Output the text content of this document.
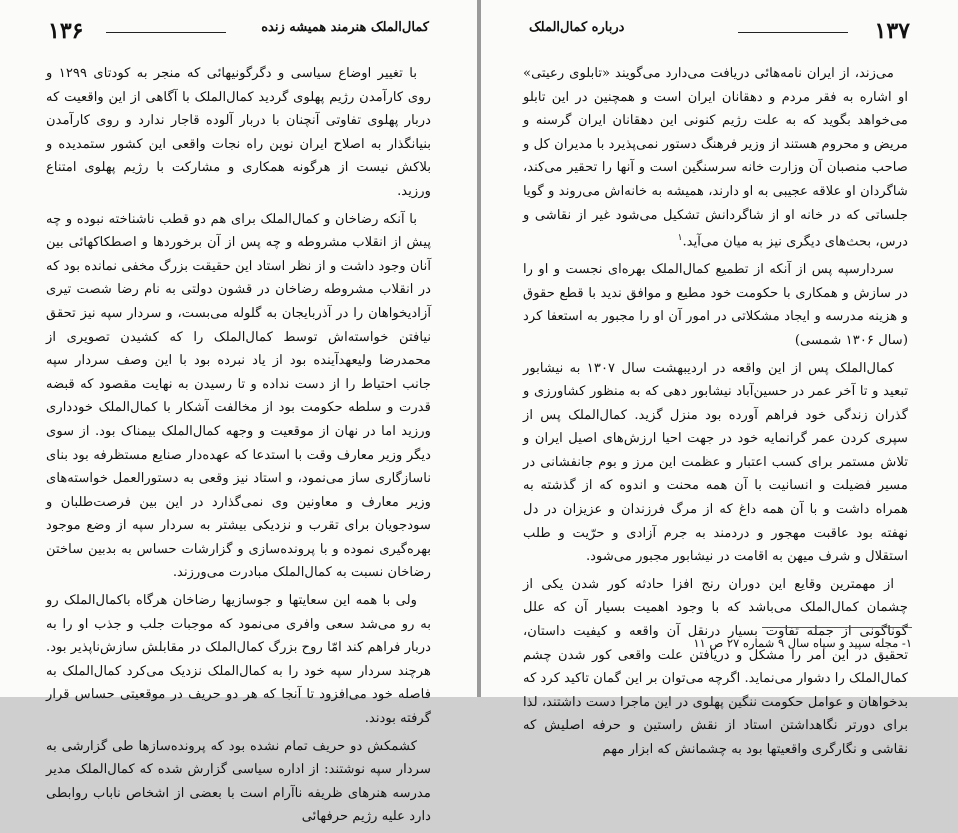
۱۳۶	کمال‌الملک هنرمند همیشه زنده

با تغییر اوضاع سیاسی و دگرگونیهائی که منجر به کودتای ۱۲۹۹ و روی کارآمدن رژیم پهلوی گردید کمال‌الملک با آگاهی از این واقعیت که دربار پهلوی تفاوتی آنچنان با دربار آلوده قاجار ندارد و روی کارآمدن بنیانگذار به اصلاح ایران نوین راه نجات واقعی این کشور ستمدیده و بلاکش نیست از هرگونه همکاری و مشارکت با رژیم پهلوی امتناع ورزید.

با آنکه رضاخان و کمال‌الملک برای هم دو قطب ناشناخته نبوده و چه پیش از انقلاب مشروطه و چه پس از آن برخوردها و اصطکاکهائی بین آنان وجود داشت و از نظر استاد این حقیقت بزرگ مخفی نمانده بود که در انقلاب مشروطه رضاخان در قشون دولتی به نام رضا شصت تیری آزادیخواهان را در آذربایجان به گلوله می‌بست، و سردار سپه نیز تحقق نیافتن خواسته‌اش توسط کمال‌الملک را که کشیدن تصویری از محمدرضا ولیعهدآینده بود از یاد نبرده بود با این وصف سردار سپه جانب احتیاط را از دست نداده و تا رسیدن به نهایت مقصود که قبضه قدرت و سلطه حکومت بود از مخالفت آشکار با کمال‌الملک خودداری ورزید اما در نهان از موقعیت و وجهه کمال‌الملک بیمناک بود. از سوی دیگر وزیر معارف وقت با استدعا که عهده‌دار صنایع مستظرفه بود بنای ناسازگاری ساز می‌نمود، و استاد نیز وقعی به دستورالعمل خواسته‌های وزیر معارف و معاونین وی نمی‌گذارد در این بین فرصت‌طلبان و سودجویان برای تقرب و نزدیکی بیشتر به سردار سپه از وضع موجود بهره‌گیری نموده و با پرونده‌سازی و گزارشات حساس به بدبین ساختن رضاخان نسبت به کمال‌الملک مبادرت می‌ورزند.

ولی با همه این سعایتها و جوسازیها رضاخان هرگاه باکمال‌الملک رو به رو می‌شد سعی وافری می‌نمود که موجبات جلب و جذب او را به دربار فراهم کند امّا روح بزرگ کمال‌الملک در مقابلش سازش‌ناپذیر بود. هرچند سردار سپه خود را به کمال‌الملک نزدیک می‌کرد کمال‌الملک به فاصله خود می‌افزود تا آنجا که هر دو حریف در موقعیتی حساس قرار گرفته بودند.

کشمکش دو حریف تمام نشده بود که پرونده‌سازها طی گزارشی به سردار سپه نوشتند: از اداره سیاسی گزارش شده که کمال‌الملک مدیر مدرسه هنرهای ظریفه ناآرام است با بعضی از اشخاص ناباب روابطی دارد علیه رژیم حرفهائی

۱۳۷
درباره کمال‌الملک

می‌زند، از ایران نامه‌هائی دریافت می‌دارد می‌گویند «تابلوی رعیتی» او اشاره به فقر مردم و دهقانان ایران است و همچنین در این تابلو می‌خواهد بگوید که به علت رژیم کنونی این دهقانان ایران گرسنه و مریض و محروم هستند از وزیر فرهنگ دستور نمی‌پذیرد با مدیران کل و صاحب منصبان آن وزارت خانه سرسنگین است و آنها را تحقیر می‌کند، شاگردان او علاقه عجیبی به او دارند، همیشه به خانه‌اش می‌روند و گویا جلساتی که در خانه او از شاگردانش تشکیل می‌شود غیر از نقاشی و درس، بحث‌های دیگری نیز به میان می‌آید.$^۱$

سردارسپه پس از آنکه از تطمیع کمال‌الملک بهره‌ای نجست و او را در سازش و همکاری با حکومت خود مطیع و موافق ندید با قطع حقوق و هزینه مدرسه و ایجاد مشکلاتی در امور آن او را مجبور به استعفا کرد (سال ۱۳۰۶ شمسی)

کمال‌الملک پس از این واقعه در اردیبهشت سال ۱۳۰۷ به نیشابور تبعید و تا آخر عمر در حسین‌آباد نیشابور دهی که به منظور کشاورزی و گذران زندگی خود فراهم آورده بود منزل گزید. کمال‌الملک پس از سپری کردن عمر گرانمایه خود در جهت احیا ارزش‌های اصیل ایران و تلاش مستمر برای کسب اعتبار و عظمت این مرز و بوم جانفشانی در مسیر فضیلت و انسانیت با آن همه محنت و اندوه که از گذشته به همراه داشت و با آن همه داغ که از مرگ فرزندان و عزیزان در دل نهفته بود عاقبت مهجور و دردمند به جرم آزادی و حرّیت و طلب استقلال و شرف میهن به اقامت در نیشابور مجبور می‌شود.

از مهمترین وقایع این دوران رنج افزا حادثه کور شدن یکی از چشمان کمال‌الملک می‌باشد که با وجود اهمیت بسیار آن که علل گوناگونی از جمله تفاوت بسیار درنقل آن واقعه و کیفیت داستان، تحقیق در این امر را مشکل و دریافتن علت واقعی کور شدن چشم کمال‌الملک را دشوار می‌نماید. اگرچه می‌توان بر این گمان تاکید کرد که بدخواهان و عوامل حکومت ننگین پهلوی در این ماجرا دست داشتند، لذا برای دورتر نگاهداشتن استاد از نقش راستین و حرفه اصلیش که نقاشی و نگارگری واقعیتها بود به چشمانش که ابزار مهم

۱- مجله سپید و سیاه سال ۹ شماره ۲۷ ص ۱۱
